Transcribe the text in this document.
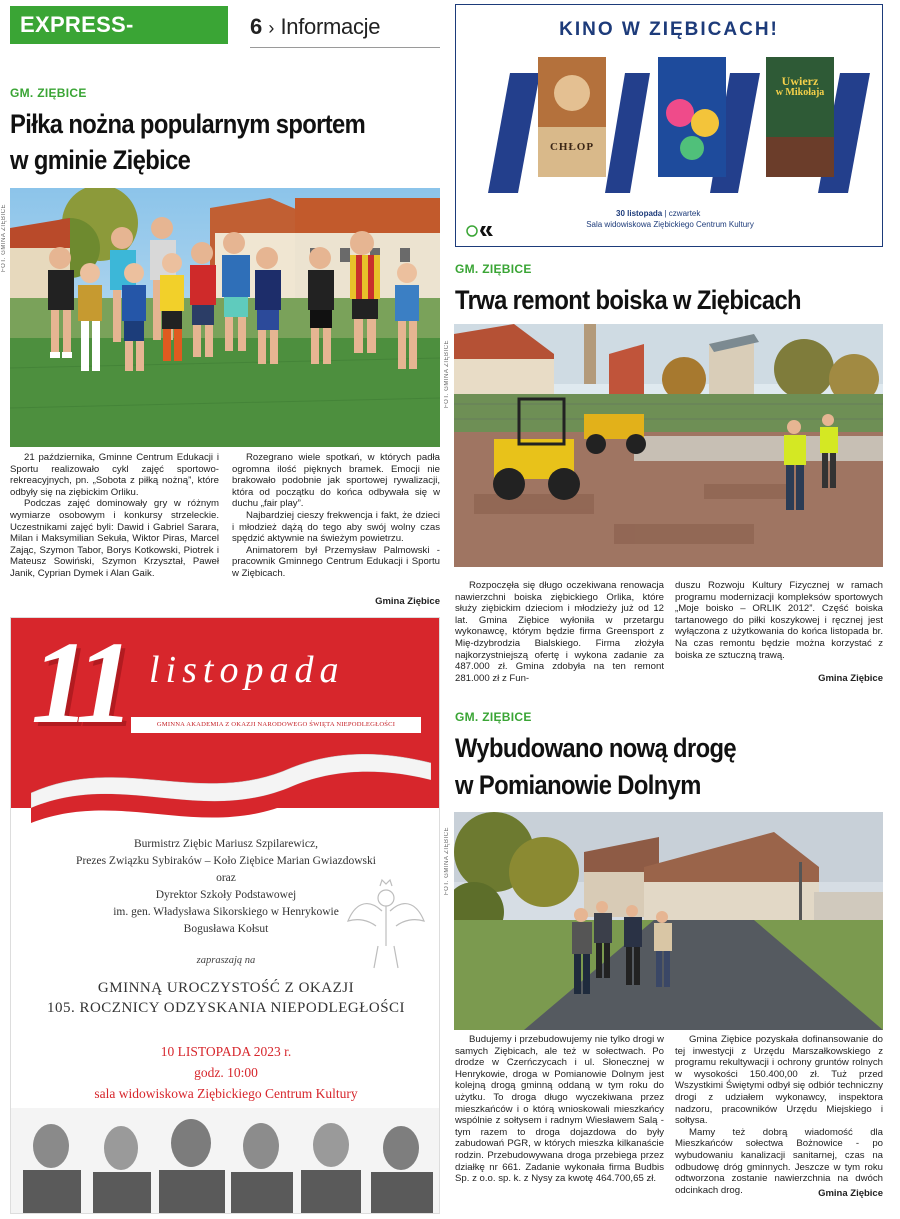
EXPRESS-MIEJSKI.PL
6 › Informacje
GM. ZIĘBICE
Piłka nożna popularnym sportem
w gminie Ziębice
FOT. GMINA ZIĘBICE

21 października, Gminne Centrum Edukacji i Sportu realizowało cykl zajęć sportowo-rekreacyjnych, pn. „Sobota z piłką nożną”, które odbyły się na ziębickim Orliku.

Podczas zajęć dominowały gry w różnym wymiarze osobowym i konkursy strzeleckie. Uczestnikami zajęć byli: Dawid i Gabriel Sarara, Milan i Maksymilian Sekuła, Wiktor Piras, Marcel Zając, Szymon Tabor, Borys Kotkowski, Piotrek i Mateusz Sowiński, Szymon Krzyształ, Paweł Janik, Cyprian Dymek i Alan Gaik.

Rozegrano wiele spotkań, w których padła ogromna ilość pięknych bramek. Emocji nie brakowało podobnie jak sportowej rywalizacji, która od początku do końca odbywała się w duchu „fair play”.

Najbardziej cieszy frekwencja i fakt, że dzieci i młodzież dążą do tego aby swój wolny czas spędzić aktywnie na świeżym powietrzu.

Animatorem był Przemysław Palmowski - pracownik Gminnego Centrum Edukacji i Sportu w Ziębicach.

Gmina Ziębice
KINO W ZIĘBICACH!
CHŁOP
Uwierz
w Mikołaja
30 listopada | czwartek
Sala widowiskowa Ziębickiego Centrum Kultury
GM. ZIĘBICE
Trwa remont boiska w Ziębicach
FOT. GMINA ZIĘBICE

Rozpoczęła się długo oczekiwana renowacja nawierzchni boiska ziębickiego Orlika, które służy ziębickim dzieciom i młodzieży już od 12 lat. Gmina Ziębice wyłoniła w przetargu wykonawcę, którym będzie firma Greensport z Mię-dzybrodzia Bialskiego. Firma złożyła najkorzystniejszą ofertę i wykona zadanie za 487.000 zł. Gmina zdobyła na ten remont 281.000 zł z Fun-

duszu Rozwoju Kultury Fizycznej w ramach programu modernizacji kompleksów sportowych „Moje boisko – ORLIK 2012”. Część boiska tartanowego do piłki koszykowej i ręcznej jest wyłączona z użytkowania do końca listopada br. Na czas remontu będzie można korzystać z boiska ze sztuczną trawą.

Gmina Ziębice
GM. ZIĘBICE
Wybudowano nową drogę
w Pomianowie Dolnym
FOT. GMINA ZIĘBICE

Budujemy i przebudowujemy nie tylko drogi w samych Ziębicach, ale też w sołectwach. Po drodze w Czerńczycach i ul. Słonecznej w Henrykowie, droga w Pomianowie Dolnym jest kolejną drogą gminną oddaną w tym roku do użytku. To droga długo wyczekiwana przez mieszkańców i o którą wnioskowali mieszkańcy wspólnie z sołtysem i radnym Wiesławem Salą - tym razem to droga dojazdowa do były zabudowań PGR, w których mieszka kilkanaście rodzin. Przebudowywana droga przebiega przez działkę nr 661. Zadanie wykonała firma Budbis Sp. z o.o. sp. k. z Nysy za kwotę 464.700,65 zł.

Gmina Ziębice pozyskała dofinansowanie do tej inwestycji z Urzędu Marszałkowskiego z programu rekultywacji i ochrony gruntów rolnych w wysokości 150.400,00 zł. Tuż przed Wszystkimi Świętymi odbył się odbiór techniczny drogi z udziałem wykonawcy, inspektora nadzoru, pracowników Urzędu Miejskiego i sołtysa.

Mamy też dobrą wiadomość dla Mieszkańców sołectwa Bożnowice - po wybudowaniu kanalizacji sanitarnej, czas na odbudowę dróg gminnych. Jeszcze w tym roku odtworzona zostanie nawierzchnia na dwóch odcinkach drog.	Gmina Ziębice
11 listopada
GMINNA AKADEMIA Z OKAZJI NARODOWEGO ŚWIĘTA NIEPODLEGŁOŚCI
Burmistrz Ziębic Mariusz Szpilarewicz,
Prezes Związku Sybiraków – Koło Ziębice Marian Gwiazdowski
oraz
Dyrektor Szkoły Podstawowej
im. gen. Władysława Sikorskiego w Henrykowie
Bogusława Kołsut
zapraszają na
GMINNĄ UROCZYSTOŚĆ Z OKAZJI
105. ROCZNICY ODZYSKANIA NIEPODLEGŁOŚCI
10 LISTOPADA 2023 r.
godz. 10:00
sala widowiskowa Ziębickiego Centrum Kultury
